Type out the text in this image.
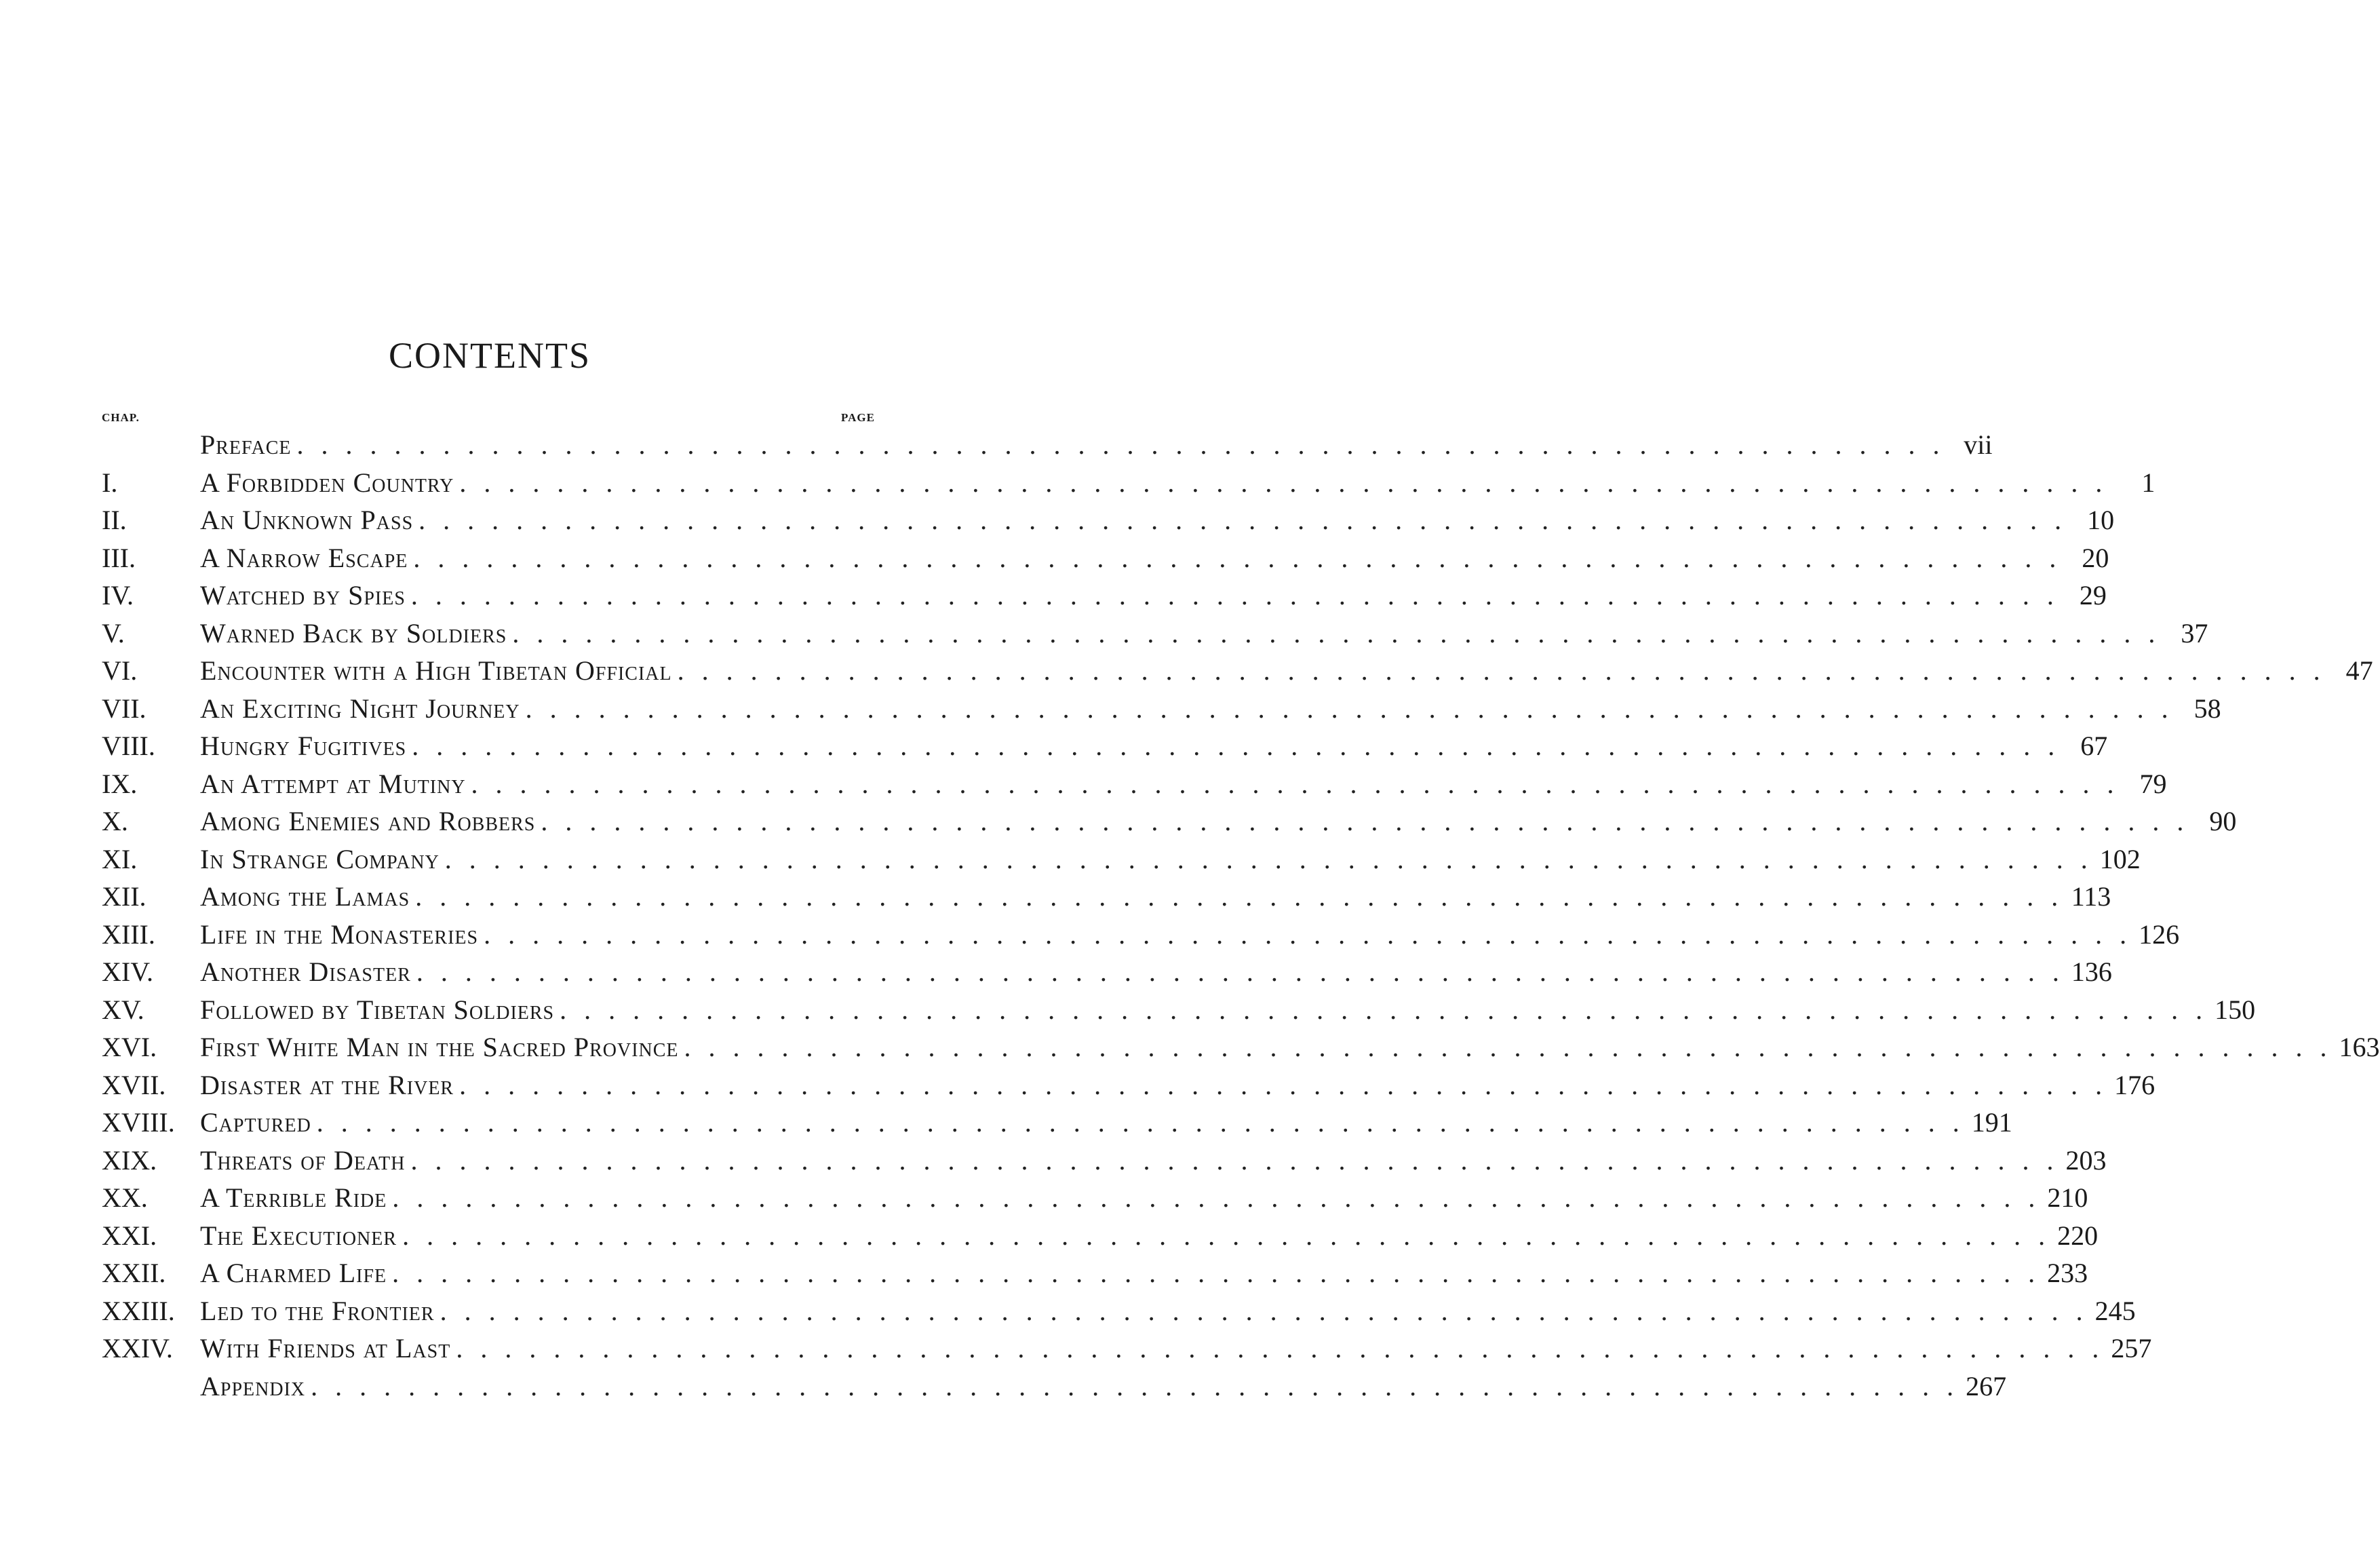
CONTENTS
CHAP.	PAGE
Preface . . .	vii
I.	A Forbidden Country . . .	1
II.	An Unknown Pass . . .	10
III.	A Narrow Escape . . .	20
IV.	Watched by Spies . . .	29
V.	Warned Back by Soldiers . . .	37
VI.	Encounter with a High Tibetan Official . . .	47
VII.	An Exciting Night Journey . . .	58
VIII.	Hungry Fugitives . . .	67
IX.	An Attempt at Mutiny . . .	79
X.	Among Enemies and Robbers . . .	90
XI.	In Strange Company . . .	102
XII.	Among the Lamas . . .	113
XIII.	Life in the Monasteries . . .	126
XIV.	Another Disaster . . .	136
XV.	Followed by Tibetan Soldiers . . .	150
XVI.	First White Man in the Sacred Province . . .	163
XVII.	Disaster at the River . . .	176
XVIII. Captured . . .	191
XIX.	Threats of Death . . .	203
XX.	A Terrible Ride . . .	210
XXI.	The Executioner . . .	220
XXII.	A Charmed Life . . .	233
XXIII. Led to the Frontier . . .	245
XXIV.	With Friends at Last . . .	257
Appendix . . .	267
